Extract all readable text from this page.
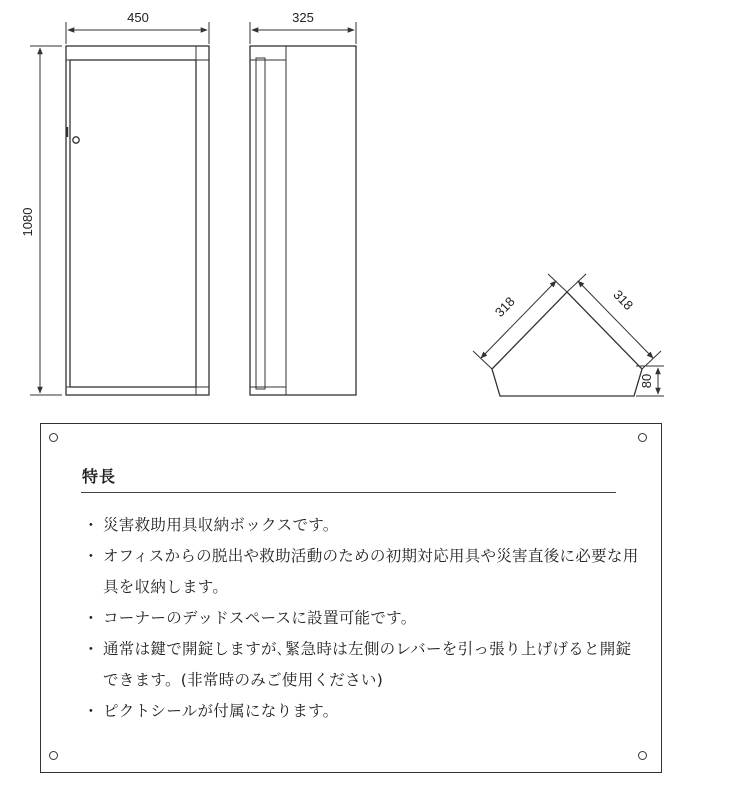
450
1080
325
318	318
80
特長
・ 災害救助用具収納ボックスです。
・ オフィスからの脱出や救助活動のための初期対応用具や災害直後に必要な用具を収納します。
・ コーナーのデッドスペースに設置可能です。
・ 通常は鍵で開錠しますが､緊急時は左側のレバーを引っ張り上げげると開錠できます。(非常時のみご使用ください)
・ ピクトシールが付属になります。
